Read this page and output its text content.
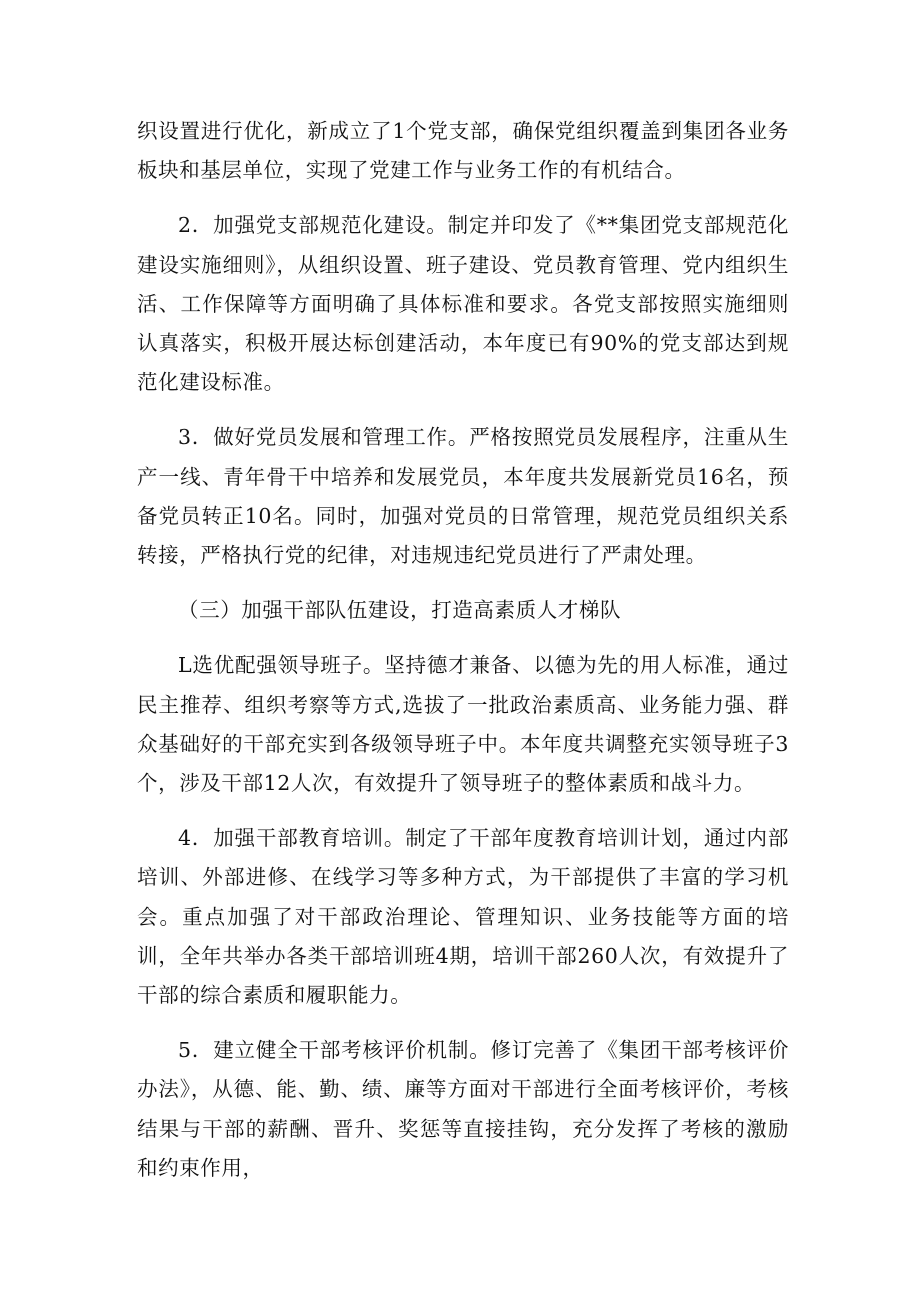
织设置进行优化，新成立了1个党支部，确保党组织覆盖到集团各业务板块和基层单位，实现了党建工作与业务工作的有机结合。

2．加强党支部规范化建设。制定并印发了《**集团党支部规范化建设实施细则》，从组织设置、班子建设、党员教育管理、党内组织生活、工作保障等方面明确了具体标准和要求。各党支部按照实施细则认真落实，积极开展达标创建活动，本年度已有90%的党支部达到规范化建设标准。

3．做好党员发展和管理工作。严格按照党员发展程序，注重从生产一线、青年骨干中培养和发展党员，本年度共发展新党员16名，预备党员转正10名。同时，加强对党员的日常管理，规范党员组织关系转接，严格执行党的纪律，对违规违纪党员进行了严肃处理。

（三）加强干部队伍建设，打造高素质人才梯队

L选优配强领导班子。坚持德才兼备、以德为先的用人标准，通过民主推荐、组织考察等方式,选拔了一批政治素质高、业务能力强、群众基础好的干部充实到各级领导班子中。本年度共调整充实领导班子3个，涉及干部12人次，有效提升了领导班子的整体素质和战斗力。

4．加强干部教育培训。制定了干部年度教育培训计划，通过内部培训、外部进修、在线学习等多种方式，为干部提供了丰富的学习机会。重点加强了对干部政治理论、管理知识、业务技能等方面的培训，全年共举办各类干部培训班4期，培训干部260人次，有效提升了干部的综合素质和履职能力。

5．建立健全干部考核评价机制。修订完善了《集团干部考核评价办法》，从德、能、勤、绩、廉等方面对干部进行全面考核评价，考核结果与干部的薪酬、晋升、奖惩等直接挂钩，充分发挥了考核的激励和约束作用，
